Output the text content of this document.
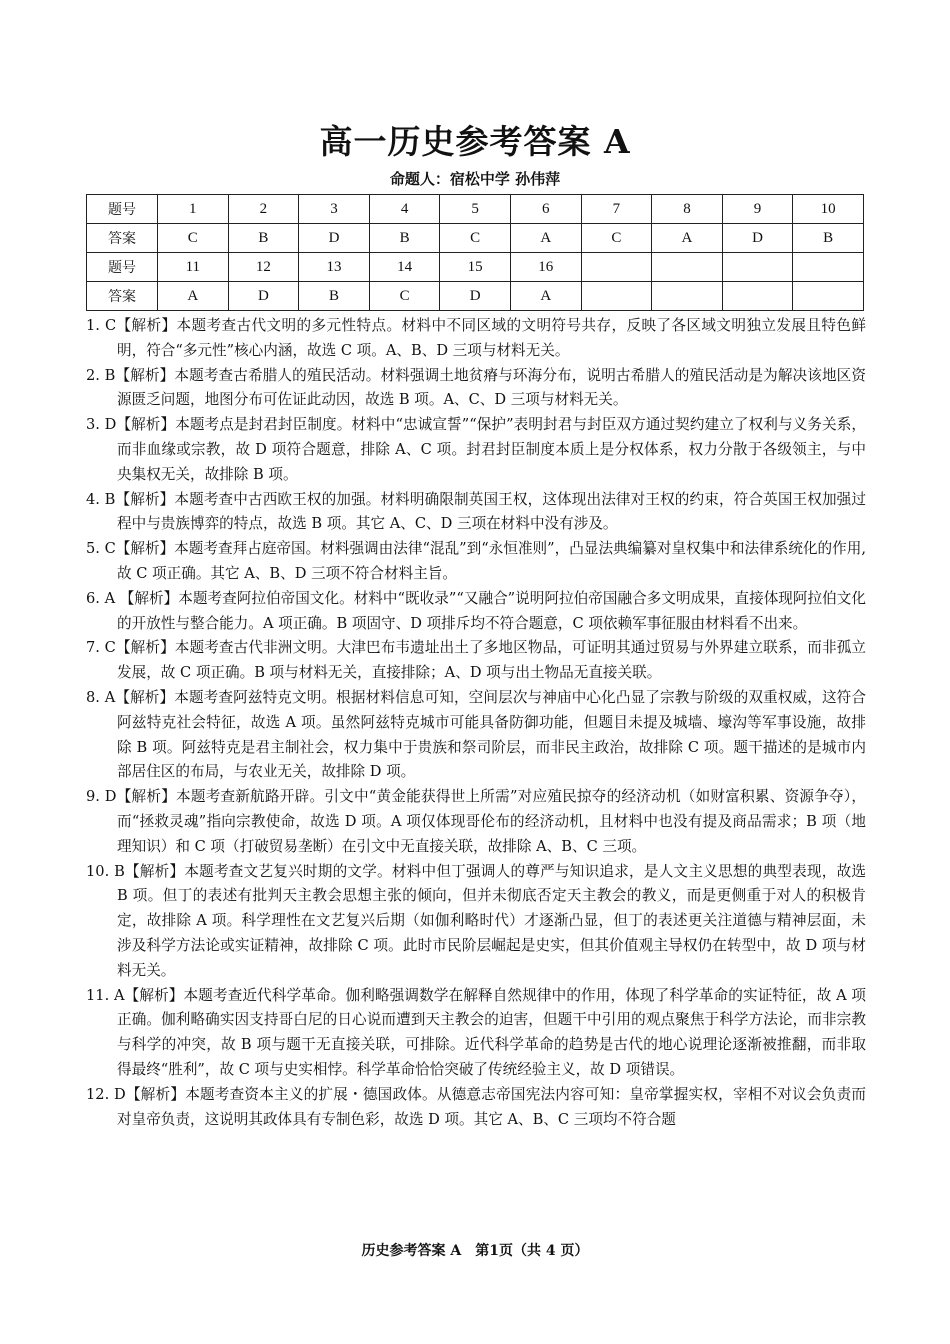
高一历史参考答案 A
命题人：宿松中学 孙伟萍
题号	1	2	3	4	5	6	7	8	9	10
答案	C	B	D	B	C	A	C	A	D	B
题号	11	12	13	14	15	16				
答案	A	D	B	C	D	A				
1. C【解析】本题考查古代文明的多元性特点。材料中不同区域的文明符号共存，反映了各区域文明独立发展且特色鲜明，符合“多元性”核心内涵，故选 C 项。A、B、D 三项与材料无关。
2. B【解析】本题考查古希腊人的殖民活动。材料强调土地贫瘠与环海分布，说明古希腊人的殖民活动是为解决该地区资源匮乏问题，地图分布可佐证此动因，故选 B 项。A、C、D 三项与材料无关。
3. D【解析】本题考点是封君封臣制度。材料中“忠诚宣誓”“保护”表明封君与封臣双方通过契约建立了权利与义务关系，而非血缘或宗教，故 D 项符合题意，排除 A、C 项。封君封臣制度本质上是分权体系，权力分散于各级领主，与中央集权无关，故排除 B 项。
4. B【解析】本题考查中古西欧王权的加强。材料明确限制英国王权，这体现出法律对王权的约束，符合英国王权加强过程中与贵族博弈的特点，故选 B 项。其它 A、C、D 三项在材料中没有涉及。
5. C【解析】本题考查拜占庭帝国。材料强调由法律“混乱”到“永恒准则”，凸显法典编纂对皇权集中和法律系统化的作用,故 C 项正确。其它 A、B、D 三项不符合材料主旨。
6. A 【解析】本题考查阿拉伯帝国文化。材料中“既收录”“又融合”说明阿拉伯帝国融合多文明成果，直接体现阿拉伯文化的开放性与整合能力。A 项正确。B 项固守、D 项排斥均不符合题意，C 项依赖军事征服由材料看不出来。
7. C【解析】本题考查古代非洲文明。大津巴布韦遗址出土了多地区物品，可证明其通过贸易与外界建立联系，而非孤立发展，故 C 项正确。B 项与材料无关，直接排除；A、D 项与出土物品无直接关联。
8. A【解析】本题考查阿兹特克文明。根据材料信息可知，空间层次与神庙中心化凸显了宗教与阶级的双重权威，这符合阿兹特克社会特征，故选 A 项。虽然阿兹特克城市可能具备防御功能，但题目未提及城墙、壕沟等军事设施，故排除 B 项。阿兹特克是君主制社会，权力集中于贵族和祭司阶层，而非民主政治，故排除 C 项。题干描述的是城市内部居住区的布局，与农业无关，故排除 D 项。
9. D【解析】本题考查新航路开辟。引文中“黄金能获得世上所需”对应殖民掠夺的经济动机（如财富积累、资源争夺），而“拯救灵魂”指向宗教使命，故选 D 项。A 项仅体现哥伦布的经济动机，且材料中也没有提及商品需求；B 项（地理知识）和 C 项（打破贸易垄断）在引文中无直接关联，故排除 A、B、C 三项。
10. B【解析】本题考查文艺复兴时期的文学。材料中但丁强调人的尊严与知识追求，是人文主义思想的典型表现，故选 B 项。但丁的表述有批判天主教会思想主张的倾向，但并未彻底否定天主教会的教义，而是更侧重于对人的积极肯定，故排除 A 项。科学理性在文艺复兴后期（如伽利略时代）才逐渐凸显，但丁的表述更关注道德与精神层面，未涉及科学方法论或实证精神，故排除 C 项。此时市民阶层崛起是史实，但其价值观主导权仍在转型中，故 D 项与材料无关。
11. A【解析】本题考查近代科学革命。伽利略强调数学在解释自然规律中的作用，体现了科学革命的实证特征，故 A 项正确。伽利略确实因支持哥白尼的日心说而遭到天主教会的迫害，但题干中引用的观点聚焦于科学方法论，而非宗教与科学的冲突，故 B 项与题干无直接关联，可排除。近代科学革命的趋势是古代的地心说理论逐渐被推翻，而非取得最终“胜利”，故 C 项与史实相悖。科学革命恰恰突破了传统经验主义，故 D 项错误。
12. D【解析】本题考查资本主义的扩展・德国政体。从德意志帝国宪法内容可知：皇帝掌握实权，宰相不对议会负责而对皇帝负责，这说明其政体具有专制色彩，故选 D 项。其它 A、B、C 三项均不符合题
历史参考答案 A　第1页（共 4 页）
